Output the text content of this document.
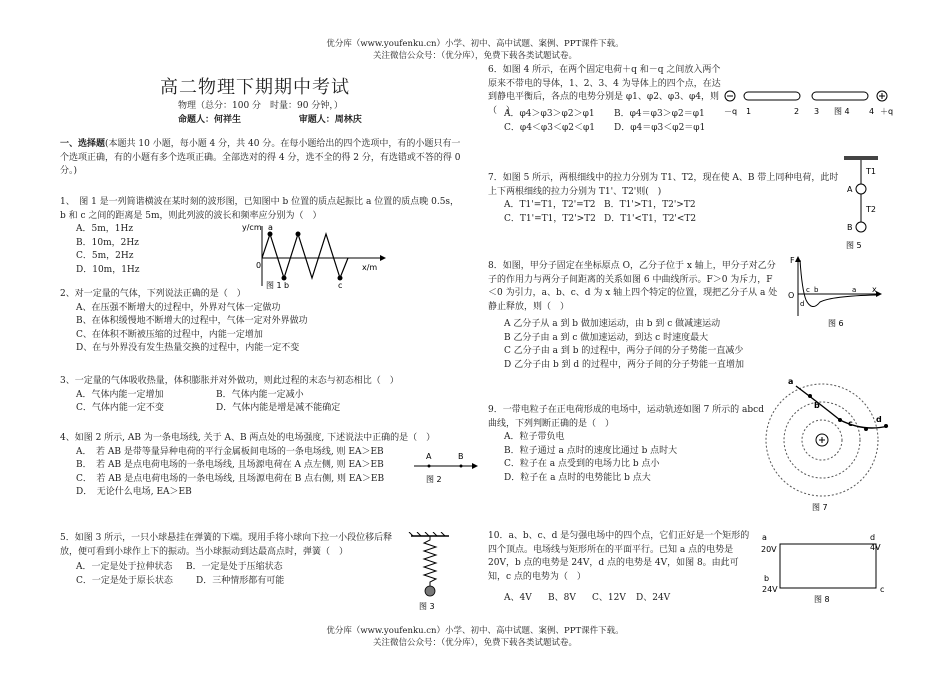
优分库（www.youfenku.cn）小学、初中、高中试题、案例、PPT课件下载。
关注微信公众号：（优分库），免费下载各类试题试卷。
高二物理下期期中考试
物理（总分：100 分　时量：90 分钟，）
命题人：何祥生	审题人：周林庆

一、选择题(本题共 10 小题，每小题 4 分，共 40 分。在每小题给出的四个选项中，有的小题只有一个选项正确，有的小题有多个选项正确。全部选对的得 4 分，选不全的得 2 分，有选错或不答的得 0 分。)

1、　图 1 是一列简谐横波在某时刻的波形图，已知图中 b 位置的质点起振比 a 位置的质点晚 0.5s，b 和 c 之间的距离是 5m，则此列波的波长和频率应分别为（　）

A．5m，1Hz
B．10m，2Hz
C．5m，2Hz
D．10m，1Hz
y/cm a
0	x/m
b	c
图 1

2、对一定量的气体，下列说法正确的是（　）

A、在压强不断增大的过程中，外界对气体一定做功
B、在体积缓慢地不断增大的过程中，气体一定对外界做功
C、在体积不断被压缩的过程中，内能一定增加
D、在与外界没有发生热量交换的过程中，内能一定不变

3、一定量的气体吸收热量，体积膨胀并对外做功，则此过程的末态与初态相比（　）

A．气体内能一定增加	B．气体内能一定减小
C．气体内能一定不变	D．气体内能是增是减不能确定

4、如图 2 所示, AB 为一条电场线, 关于 A、B 两点处的电场强度, 下述说法中正确的是（　）

A．　若 AB 是带等量异种电荷的平行金属板间电场的一条电场线, 则 EA＞EB
B．　若 AB 是点电荷电场的一条电场线, 且场源电荷在 A 点左侧, 则 EA＞EB
C．　若 AB 是点电荷电场的一条电场线, 且场源电荷在 B 点右侧, 则 EA＞EB
D．　无论什么电场, EA＞EB
A	B
图 2

5．如图 3 所示，一只小球悬挂在弹簧的下端。现用手将小球向下拉一小段位移后释放，便可看到小球作上下的振动。当小球振动到达最高点时，弹簧（　）

A．一定是处于拉伸状态 B．一定是处于压缩状态
C．一定是处于原长状态	D．三种情形都有可能
图 3

6．如图 4 所示，在两个固定电荷＋q 和－q 之间放入两个原来不带电的导体，1、2、3、4 为导体上的四个点，在达到静电平衡后，各点的电势分别是 φ1、φ2、φ3、φ4，则（　）

A．φ4＞φ3＞φ2＞φ1 B．φ4＝φ3＞φ2＝φ1
C．φ4＜φ3＜φ2＜φ1 D．φ4＝φ3＜φ2＝φ1
－q 1	2 3 图 4 4 ＋q

7．如图 5 所示，两根细线中的拉力分别为 T1、T2，现在使 A、B 带上同种电荷，此时上下两根细线的拉力分别为 T1'、T2'则(　)

A．T1'=T1，T2'=T2 B．T1'>T1，T2'>T2
C．T1'=T1，T2'>T2 D．T1'<T1，T2'<T2
T1
A
T2
B
图 5

8．如图，甲分子固定在坐标原点 O，乙分子位于 x 轴上，甲分子对乙分子的作用力与两分子间距离的关系如图 6 中曲线所示。F＞0 为斥力，F＜0 为引力，a、b、c、d 为 x 轴上四个特定的位置，现把乙分子从 a 处静止释放，则（　）

A 乙分子从 a 到 b 做加速运动，由 b 到 c 做减速运动
B 乙分子由 a 到 c 做加速运动，到达 c 时速度最大
C 乙分子由 a 到 b 的过程中，两分子间的分子势能一直减少
D 乙分子由 b 到 d 的过程中，两分子间的分子势能一直增加
F
O
x
a
b
c
d
图 6

9．一带电粒子在正电荷形成的电场中，运动轨迹如图 7 所示的 abcd 曲线，下列判断正确的是（　）

A．粒子带负电
B．粒子通过 a 点时的速度比通过 b 点时大
C．粒子在 a 点受到的电场力比 b 点小
D．粒子在 a 点时的电势能比 b 点大
a
b
c	d
图 7

10．a、b、c、d 是匀强电场中的四个点，它们正好是一个矩形的四个顶点。电场线与矩形所在的平面平行。已知 a 点的电势是 20V，b 点的电势是 24V，d 点的电势是 4V，如图 8。由此可知，c 点的电势为（　）

A、4V B、8V C、12V D、24V
a
20V
d
4V
b
24V	c
图 8
优分库（www.youfenku.cn）小学、初中、高中试题、案例、PPT课件下载。
关注微信公众号：（优分库），免费下载各类试题试卷。
